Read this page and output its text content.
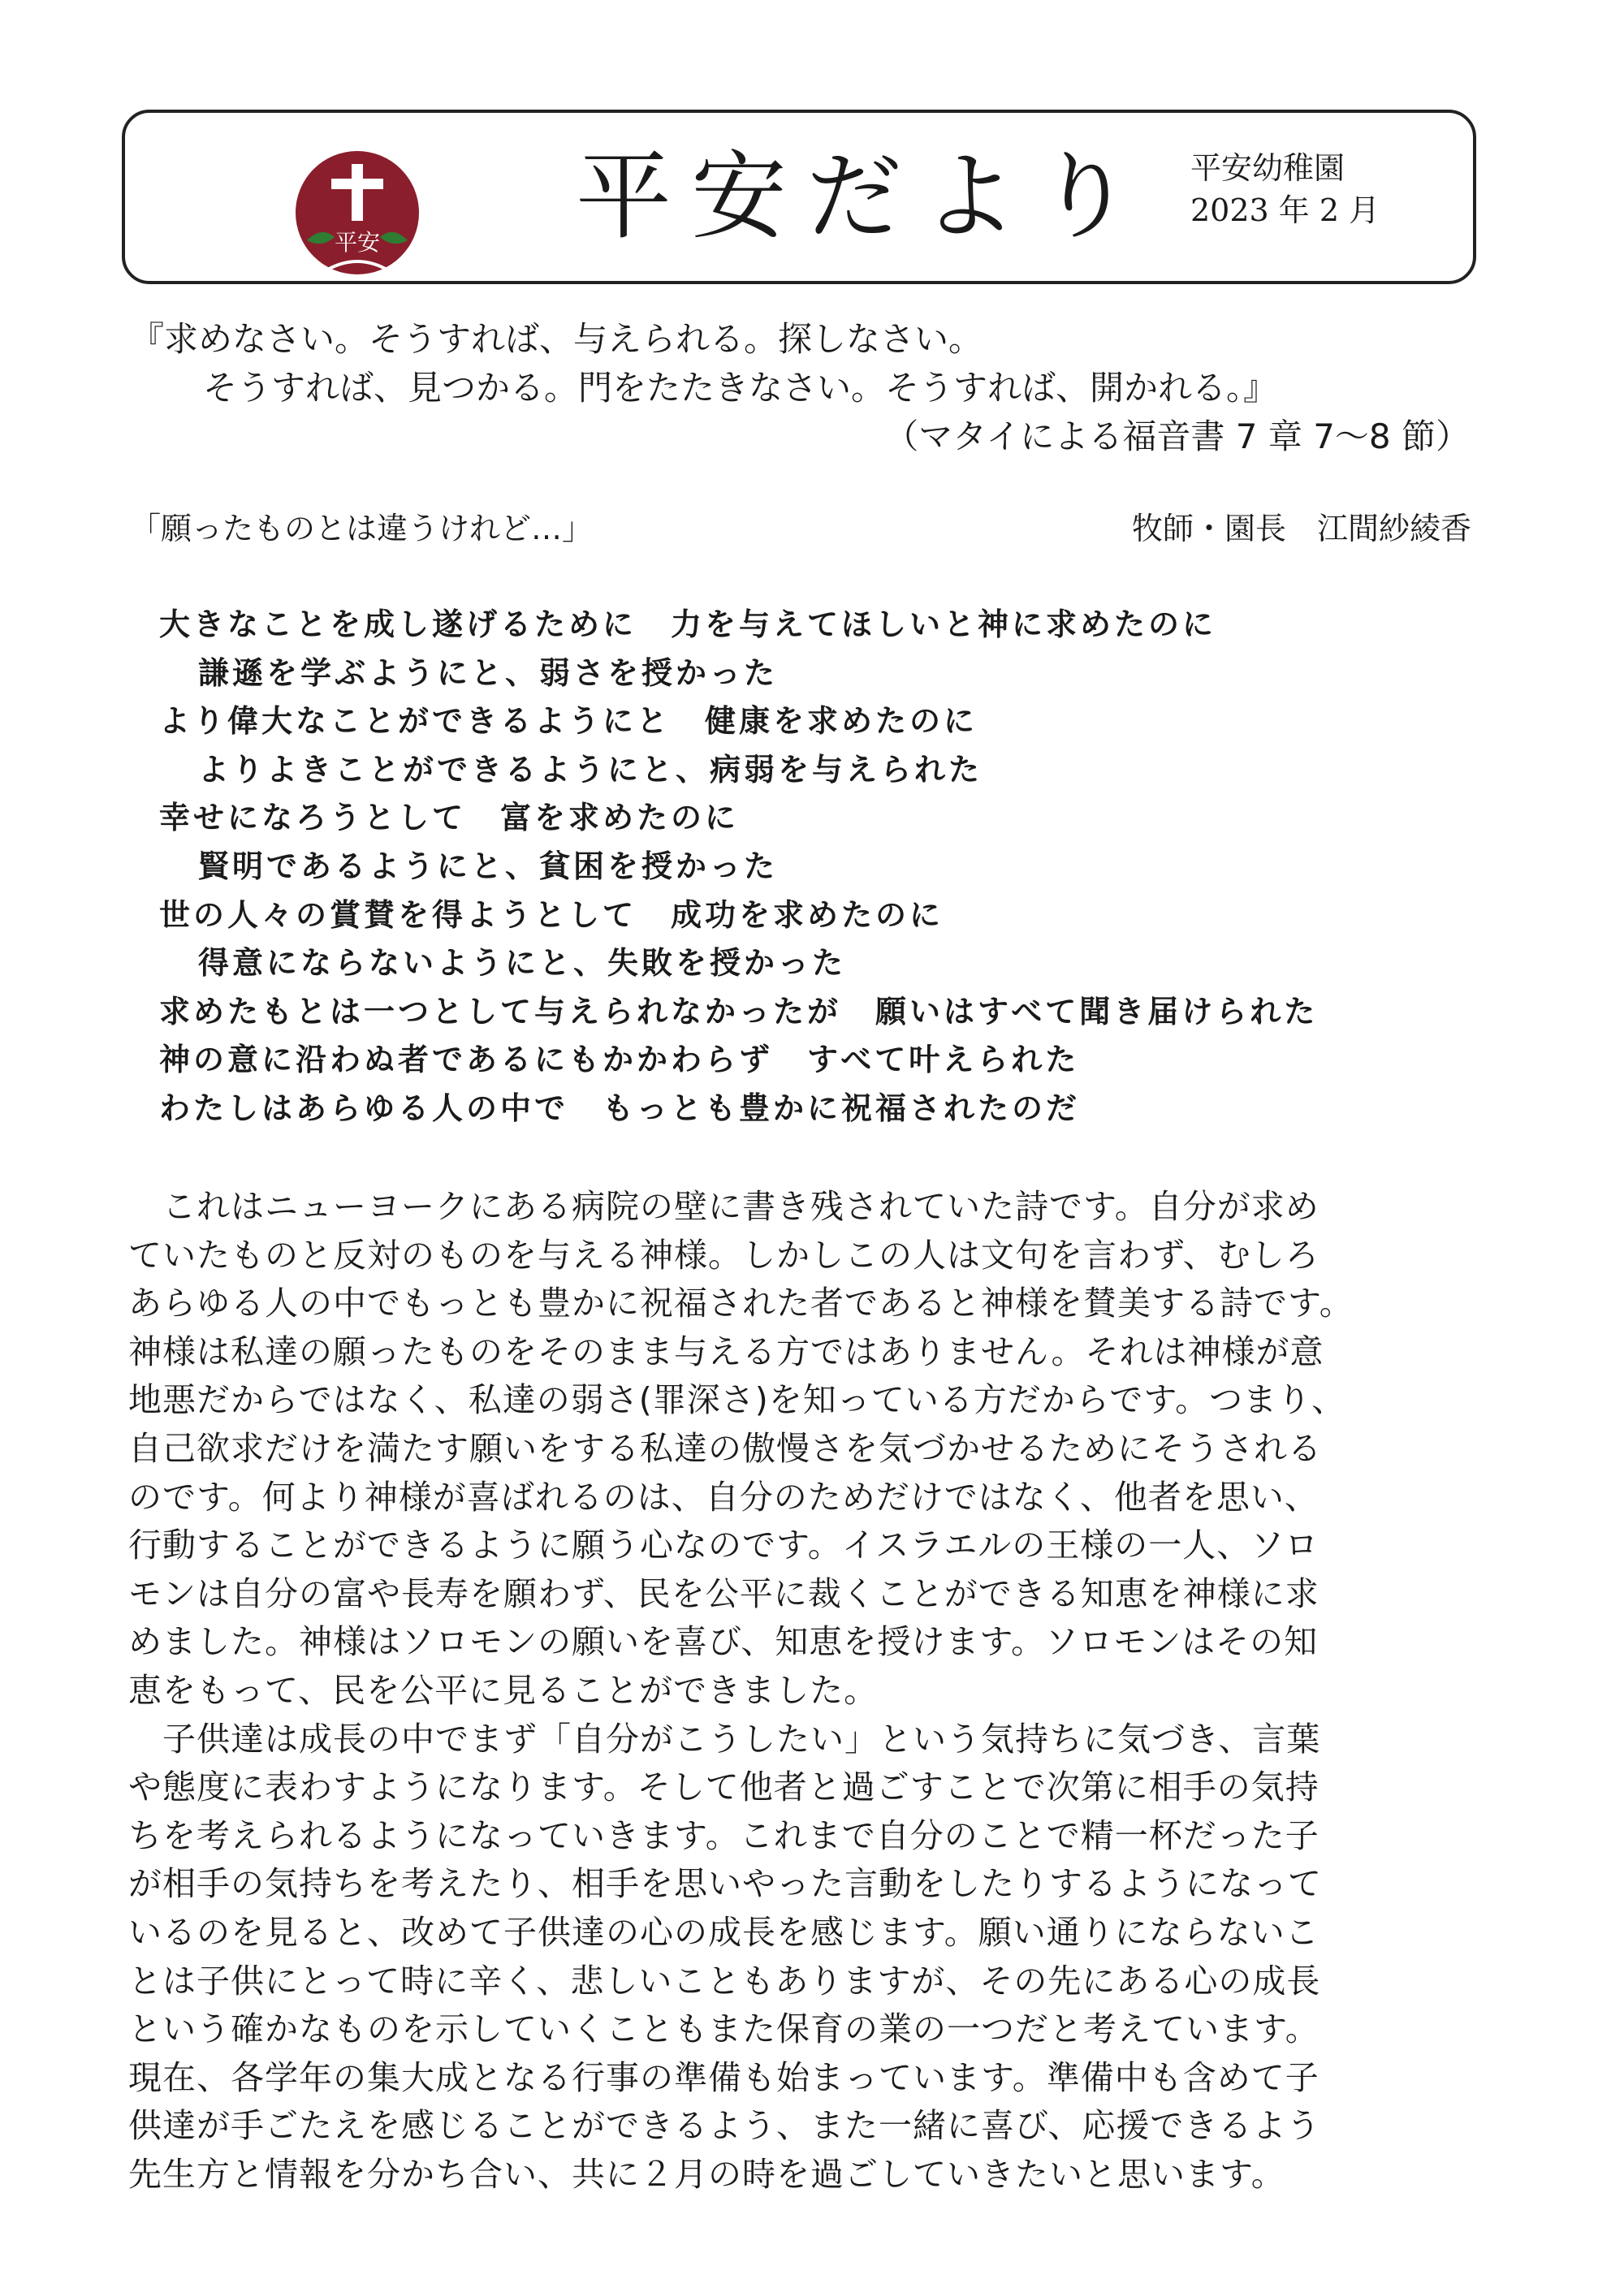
平安	平安だより	平安幼稚園
2023 年 2 月
『求めなさい。そうすれば、与えられる。探しなさい。
そうすれば、見つかる。門をたたきなさい。そうすれば、開かれる。』
（マタイによる福音書 7 章 7～8 節）
「願ったものとは違うけれど…」	牧師・園長　江間紗綾香
大きなことを成し遂げるために　力を与えてほしいと神に求めたのに
謙遜を学ぶようにと、弱さを授かった
より偉大なことができるようにと　健康を求めたのに
よりよきことができるようにと、病弱を与えられた
幸せになろうとして　富を求めたのに
賢明であるようにと、貧困を授かった
世の人々の賞賛を得ようとして　成功を求めたのに
得意にならないようにと、失敗を授かった
求めたもとは一つとして与えられなかったが　願いはすべて聞き届けられた
神の意に沿わぬ者であるにもかかわらず　すべて叶えられた
わたしはあらゆる人の中で　もっとも豊かに祝福されたのだ
　これはニューヨークにある病院の壁に書き残されていた詩です。自分が求め
ていたものと反対のものを与える神様。しかしこの人は文句を言わず、むしろ
あらゆる人の中でもっとも豊かに祝福された者であると神様を賛美する詩です。
神様は私達の願ったものをそのまま与える方ではありません。それは神様が意
地悪だからではなく、私達の弱さ(罪深さ)を知っている方だからです。つまり、
自己欲求だけを満たす願いをする私達の傲慢さを気づかせるためにそうされる
のです。何より神様が喜ばれるのは、自分のためだけではなく、他者を思い、
行動することができるように願う心なのです。イスラエルの王様の一人、ソロ
モンは自分の富や長寿を願わず、民を公平に裁くことができる知恵を神様に求
めました。神様はソロモンの願いを喜び、知恵を授けます。ソロモンはその知
恵をもって、民を公平に見ることができました。
　子供達は成長の中でまず「自分がこうしたい」という気持ちに気づき、言葉
や態度に表わすようになります。そして他者と過ごすことで次第に相手の気持
ちを考えられるようになっていきます。これまで自分のことで精一杯だった子
が相手の気持ちを考えたり、相手を思いやった言動をしたりするようになって
いるのを見ると、改めて子供達の心の成長を感じます。願い通りにならないこ
とは子供にとって時に辛く、悲しいこともありますが、その先にある心の成長
という確かなものを示していくこともまた保育の業の一つだと考えています。
現在、各学年の集大成となる行事の準備も始まっています。準備中も含めて子
供達が手ごたえを感じることができるよう、また一緒に喜び、応援できるよう
先生方と情報を分かち合い、共に２月の時を過ごしていきたいと思います。
